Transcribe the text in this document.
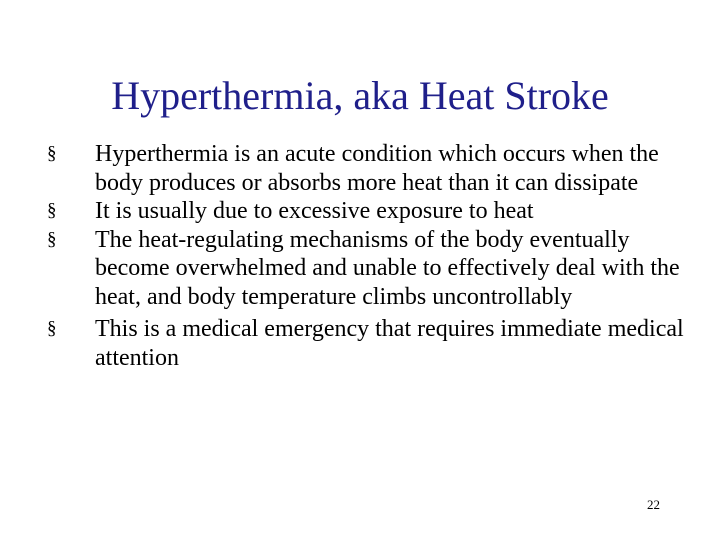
Hyperthermia, aka Heat Stroke
§	Hyperthermia is an acute condition which occurs when the body produces or absorbs more heat than it can dissipate
§	It is usually due to excessive exposure to heat
§	The heat-regulating mechanisms of the body eventually become overwhelmed and unable to effectively deal with the heat, and body temperature climbs uncontrollably
§	This is a medical emergency that requires immediate medical attention
22
